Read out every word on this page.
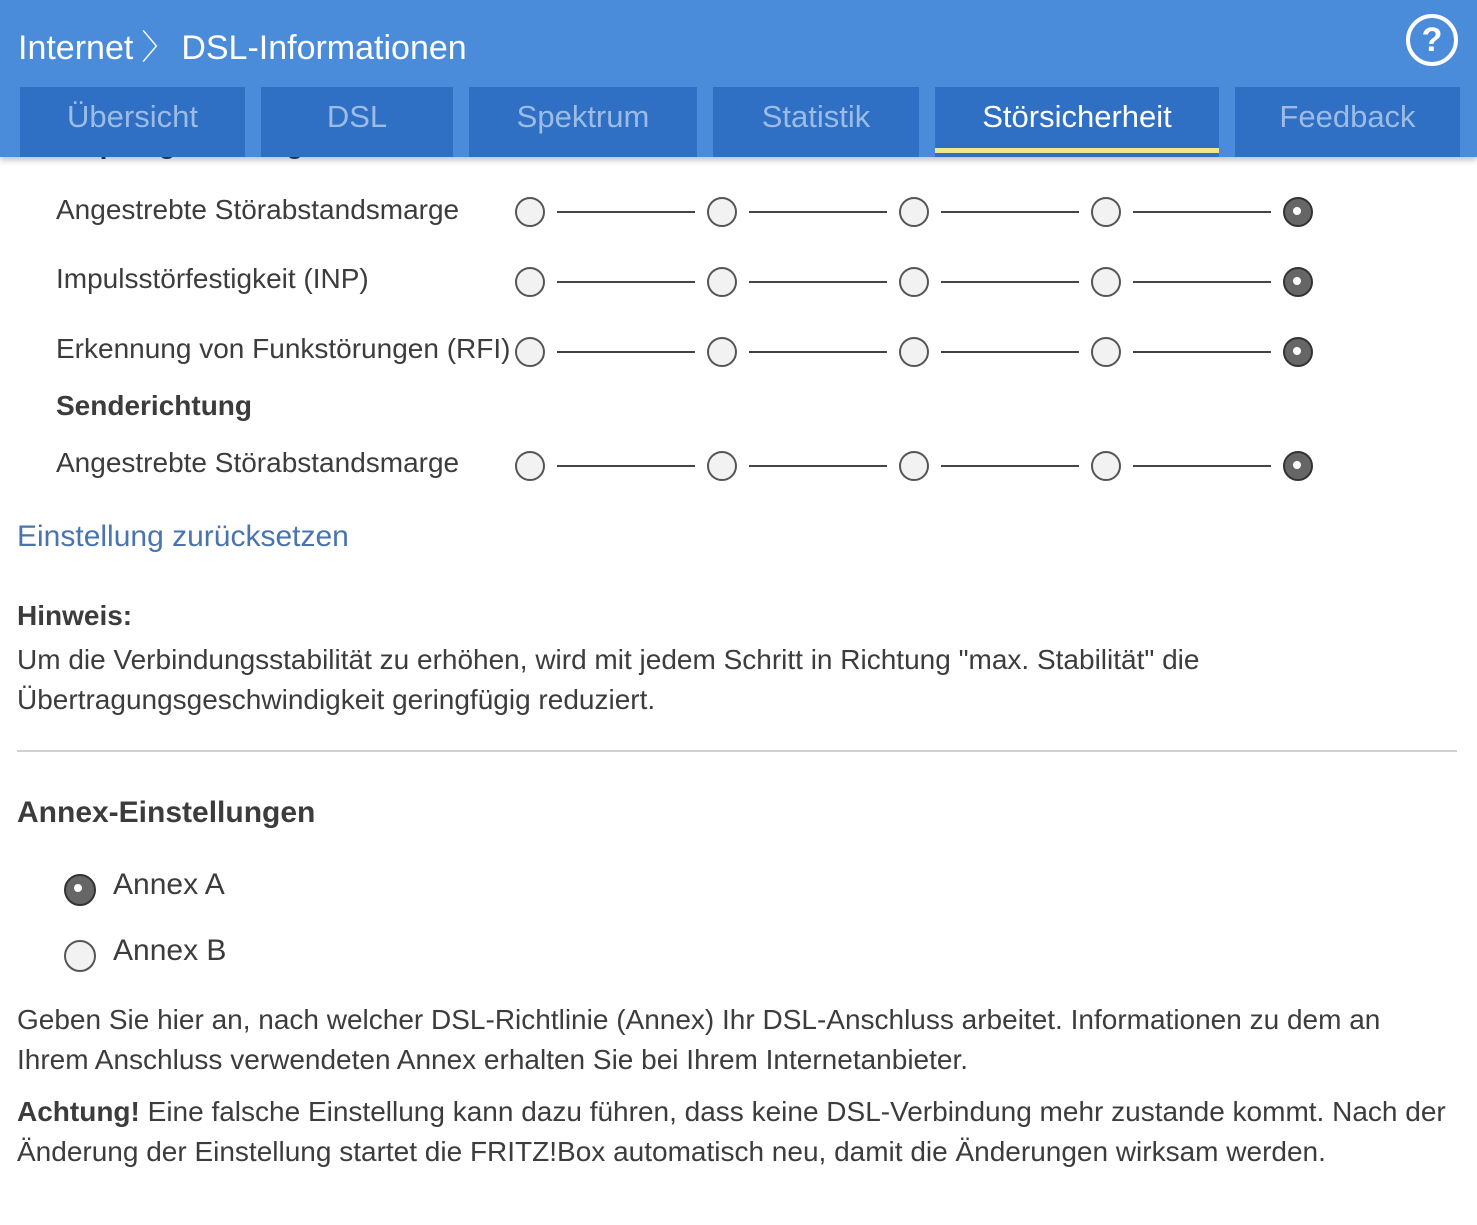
Internet 〉 DSL-Informationen	?
Übersicht	DSL	Spektrum	Statistik	Störsicherheit	Feedback
Angestrebte Störabstandsmarge
Impulsstörfestigkeit (INP)
Erkennung von Funkstörungen (RFI)
Senderichtung
Angestrebte Störabstandsmarge
Einstellung zurücksetzen
Hinweis:
Um die Verbindungsstabilität zu erhöhen, wird mit jedem Schritt in Richtung "max. Stabilität" die Übertragungsgeschwindigkeit geringfügig reduziert.
Annex-Einstellungen
Annex A
Annex B
Geben Sie hier an, nach welcher DSL-Richtlinie (Annex) Ihr DSL-Anschluss arbeitet. Informationen zu dem an Ihrem Anschluss verwendeten Annex erhalten Sie bei Ihrem Internetanbieter.
Achtung! Eine falsche Einstellung kann dazu führen, dass keine DSL-Verbindung mehr zustande kommt. Nach der Änderung der Einstellung startet die FRITZ!Box automatisch neu, damit die Änderungen wirksam werden.
